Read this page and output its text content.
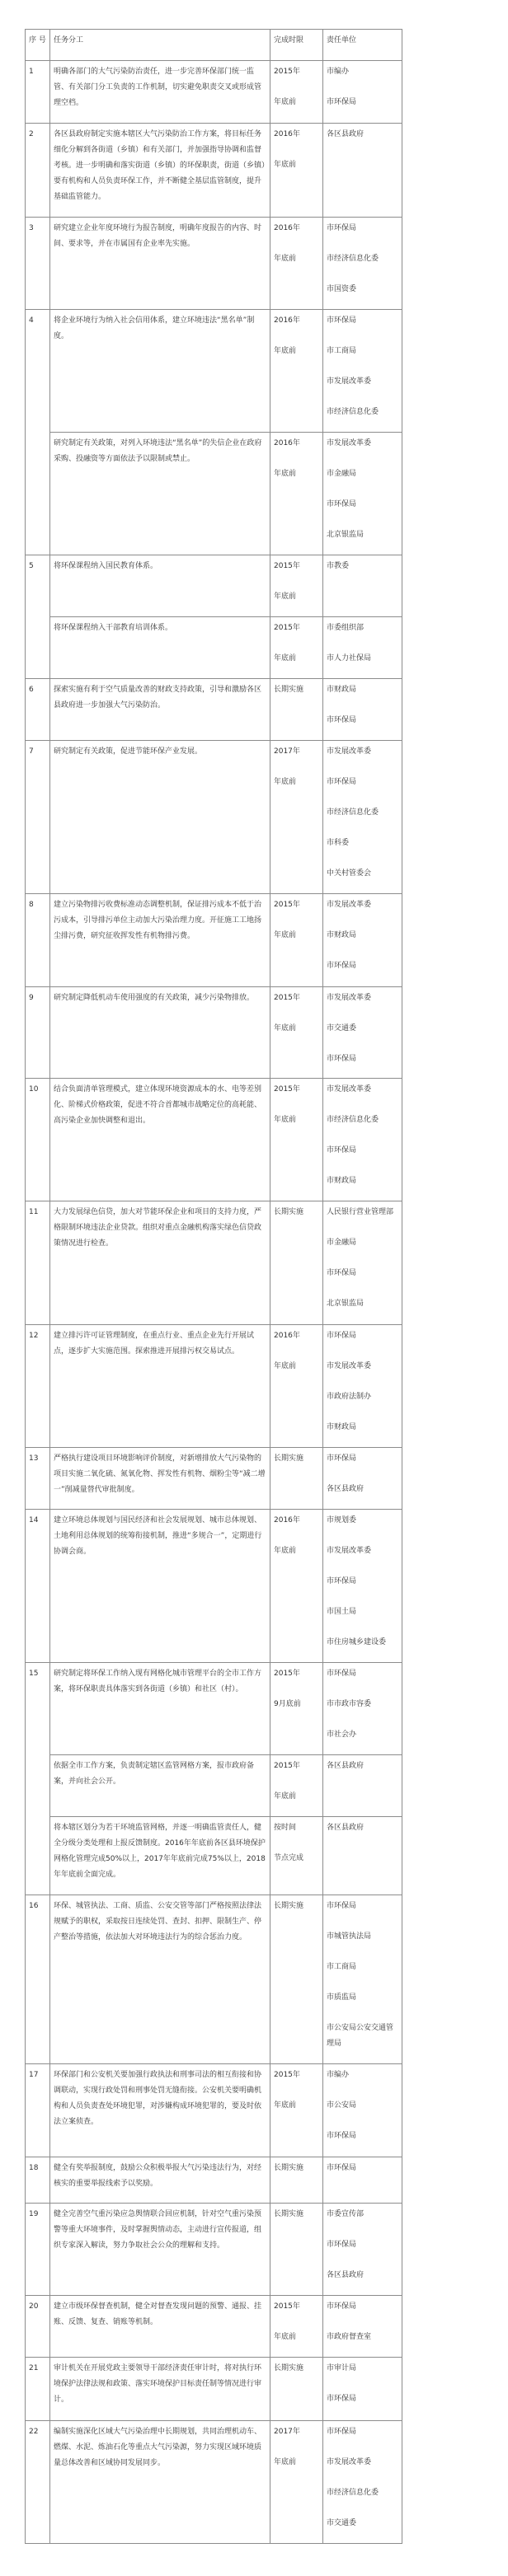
序 号	任务分工	完成时限	责任单位
1	明确各部门的大气污染防治责任，进一步完善环保部门统一监管、有关部门分工负责的工作机制，切实避免职责交叉或形成管理空档。	2015年
年底前	市编办
市环保局

2	各区县政府制定实施本辖区大气污染防治工作方案，将目标任务细化分解到各街道（乡镇）和有关部门，并加强指导协调和监督考核。进一步明确和落实街道（乡镇）的环保职责，街道（乡镇）要有机构和人员负责环保工作，并不断健全基层监管制度，提升基础监管能力。	2016年
年底前	各区县政府

3	研究建立企业年度环境行为报告制度，明确年度报告的内容、时间、要求等，并在市属国有企业率先实施。	2016年
年底前	市环保局
市经济信息化委
市国资委

4	将企业环境行为纳入社会信用体系，建立环境违法“黑名单”制度。	2016年
年底前	市环保局
市工商局
市发展改革委
市经济信息化委

	研究制定有关政策，对列入环境违法“黑名单”的失信企业在政府采购、投融资等方面依法予以限制或禁止。	2016年
年底前	市发展改革委
市金融局
市环保局
北京银监局

5	将环保课程纳入国民教育体系。	2015年
年底前	市教委

	将环保课程纳入干部教育培训体系。	2015年
年底前	市委组织部
市人力社保局

6	探索实施有利于空气质量改善的财政支持政策，引导和激励各区县政府进一步加强大气污染防治。	长期实施	市财政局
市环保局

7	研究制定有关政策，促进节能环保产业发展。	2017年
年底前	市发展改革委
市环保局
市经济信息化委
市科委
中关村管委会

8	建立污染物排污收费标准动态调整机制，保证排污成本不低于治污成本，引导排污单位主动加大污染治理力度。开征施工工地扬尘排污费，研究征收挥发性有机物排污费。	2015年
年底前	市发展改革委
市财政局
市环保局

9	研究制定降低机动车使用强度的有关政策，减少污染物排放。	2015年
年底前	市发展改革委
市交通委
市环保局

10	结合负面清单管理模式，建立体现环境资源成本的水、电等差别化、阶梯式价格政策，促进不符合首都城市战略定位的高耗能、高污染企业加快调整和退出。	2015年
年底前	市发展改革委
市经济信息化委
市环保局
市财政局

11	大力发展绿色信贷，加大对节能环保企业和项目的支持力度，严格限制环境违法企业贷款。组织对重点金融机构落实绿色信贷政策情况进行检查。	长期实施	人民银行营业管理部
市金融局
市环保局
北京银监局

12	建立排污许可证管理制度，在重点行业、重点企业先行开展试点，逐步扩大实施范围。探索推进开展排污权交易试点。	2016年
年底前	市环保局
市发展改革委
市政府法制办
市财政局

13	严格执行建设项目环境影响评价制度，对新增排放大气污染物的项目实施二氧化硫、氮氧化物、挥发性有机物、烟粉尘等“减二增一”削减量替代审批制度。	长期实施	市环保局
各区县政府

14	建立环境总体规划与国民经济和社会发展规划、城市总体规划、土地利用总体规划的统筹衔接机制，推进“多规合一”，定期进行协调会商。	2016年
年底前	市规划委
市发展改革委
市环保局
市国土局
市住房城乡建设委

15	研究制定将环保工作纳入现有网格化城市管理平台的全市工作方案，将环保职责具体落实到各街道（乡镇）和社区（村）。	2015年
9月底前	市环保局
市市政市容委
市社会办

	依据全市工作方案，负责制定辖区监管网格方案，报市政府备案，并向社会公开。	2015年
年底前	各区县政府

	将本辖区划分为若干环境监管网格，并逐一明确监管责任人，健全分级分类处理和上报反馈制度。2016年年底前各区县环境保护网格化管理完成50%以上，2017年年底前完成75%以上，2018年年底前全面完成。	按时间
节点完成	各区县政府

16	环保、城管执法、工商、质监、公安交管等部门严格按照法律法规赋予的职权，采取按日连续处罚、查封、扣押、限制生产、停产整治等措施，依法加大对环境违法行为的综合惩治力度。	长期实施	市环保局
市城管执法局
市工商局
市质监局
市公安局公安交通管理局

17	环保部门和公安机关要加强行政执法和刑事司法的相互衔接和协调联动，实现行政处罚和刑事处罚无缝衔接。公安机关要明确机构和人员负责查处环境犯罪，对涉嫌构成环境犯罪的，要及时依法立案侦查。	2015年
年底前	市编办
市公安局
市环保局

18	健全有奖举报制度，鼓励公众积极举报大气污染违法行为，对经核实的重要举报线索予以奖励。	长期实施	市环保局

19	健全完善空气重污染应急舆情联合回应机制，针对空气重污染预警等重大环境事件，及时掌握舆情动态，主动进行宣传报道，组织专家深入解读，努力争取社会公众的理解和支持。	长期实施	市委宣传部
市环保局
各区县政府

20	建立市级环保督查机制，健全对督查发现问题的预警、通报、挂账、反馈、复查、销账等机制。	2015年
年底前	市环保局
市政府督查室

21	审计机关在开展党政主要领导干部经济责任审计时，将对执行环境保护法律法规和政策、落实环境保护目标责任制等情况进行审计。	长期实施	市审计局
市环保局

22	编制实施深化区域大气污染治理中长期规划，共同治理机动车、燃煤、水泥、炼油石化等重点大气污染源，努力实现区域环境质量总体改善和区域协同发展同步。	2017年
年底前	市环保局
市发展改革委
市经济信息化委
市交通委
